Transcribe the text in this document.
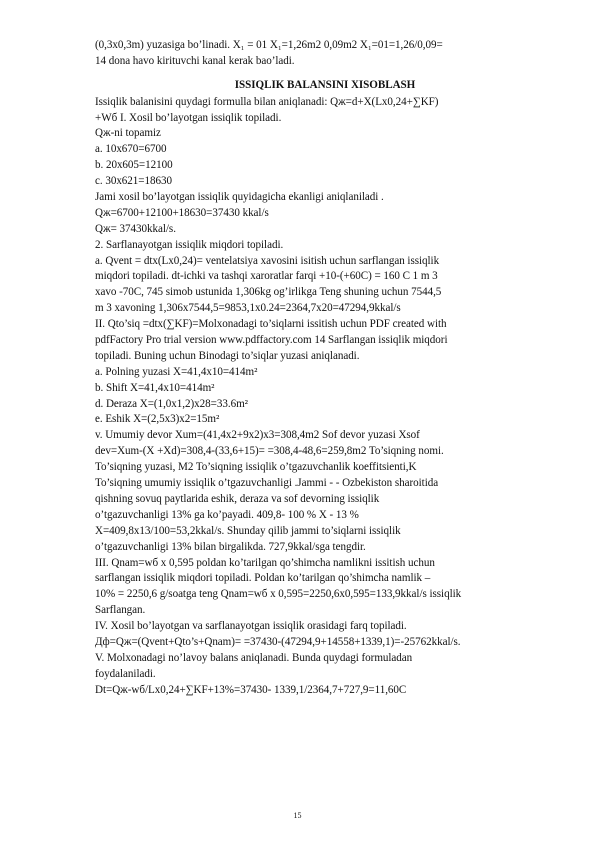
(0,3x0,3m) yuzasiga bo’linadi. X₁ = 01 X₁=1,26m2 0,09m2 X₁=01=1,26/0,09=
14 dona havo kirituvchi kanal kerak bao’ladi.
ISSIQLIK BALANSINI XISOBLASH
Issiqlik balanisini quydagi formulla bilan aniqlanadi: Qж=d+X(Lx0,24+∑KF)
+Wб I. Xosil bo’layotgan issiqlik topiladi.
Qж-ni topamiz
a. 10x670=6700
b. 20x605=12100
c. 30x621=18630
Jami xosil bo’layotgan issiqlik quyidagicha ekanligi aniqlaniladi .
Qж=6700+12100+18630=37430 kkal/s
Qж= 37430kkal/s.
2. Sarflanayotgan issiqlik miqdori topiladi.
a. Qvent = dtx(Lx0,24)= ventelatsiya xavosini isitish uchun sarflangan issiqlik
miqdori topiladi. dt-ichki va tashqi xaroratlar farqi +10-(+60C) = 160 C 1 m 3
xavo -70C, 745 simob ustunida 1,306kg og’irlikga Teng shuning uchun 7544,5
m 3 xavoning 1,306x7544,5=9853,1x0.24=2364,7x20=47294,9kkal/s
II. Qto’siq =dtx(∑KF)=Molxonadagi to’siqlarni issitish uchun PDF created with
pdfFactory Pro trial version www.pdffactory.com 14 Sarflangan issiqlik miqdori
topiladi. Buning uchun Binodagi to’siqlar yuzasi aniqlanadi.
a. Polning yuzasi X=41,4x10=414m²
b. Shift X=41,4x10=414m²
d. Deraza X=(1,0x1,2)x28=33.6m²
e. Eshik X=(2,5x3)x2=15m²
v. Umumiy devor Xum=(41,4x2+9x2)x3=308,4m2 Sof devor yuzasi Xsof
dev=Xum-(X +Xd)=308,4-(33,6+15)= =308,4-48,6=259,8m2 To’siqning nomi.
To’siqning yuzasi, M2 To’siqning issiqlik o’tgazuvchanlik koeffitsienti,K
To’siqning umumiy issiqlik o’tgazuvchanligi .Jammi - - Ozbekiston sharoitida
qishning sovuq paytlarida eshik, deraza va sof devorning issiqlik
o’tgazuvchanligi 13% ga ko’payadi. 409,8- 100 % X - 13 %
X=409,8x13/100=53,2kkal/s. Shunday qilib jammi to’siqlarni issiqlik
o’tgazuvchanligi 13% bilan birgalikda. 727,9kkal/sga tengdir.
III. Qnam=wб x 0,595 poldan ko’tarilgan qo’shimcha namlikni issitish uchun
sarflangan issiqlik miqdori topiladi. Poldan ko’tarilgan qo’shimcha namlik –
10% = 2250,6 g/soatga teng Qnam=wб x 0,595=2250,6x0,595=133,9kkal/s issiqlik
Sarflangan.
IV. Xosil bo’layotgan va sarflanayotgan issiqlik orasidagi farq topiladi.
Дф=Qж=(Qvent+Qto’s+Qnam)= =37430-(47294,9+14558+1339,1)=-25762kkal/s.
V. Molxonadagi no’lavoy balans aniqlanadi. Bunda quydagi formuladan
foydalaniladi.
Dt=Qж-wб/Lx0,24+∑KF+13%=37430- 1339,1/2364,7+727,9=11,60C
15
